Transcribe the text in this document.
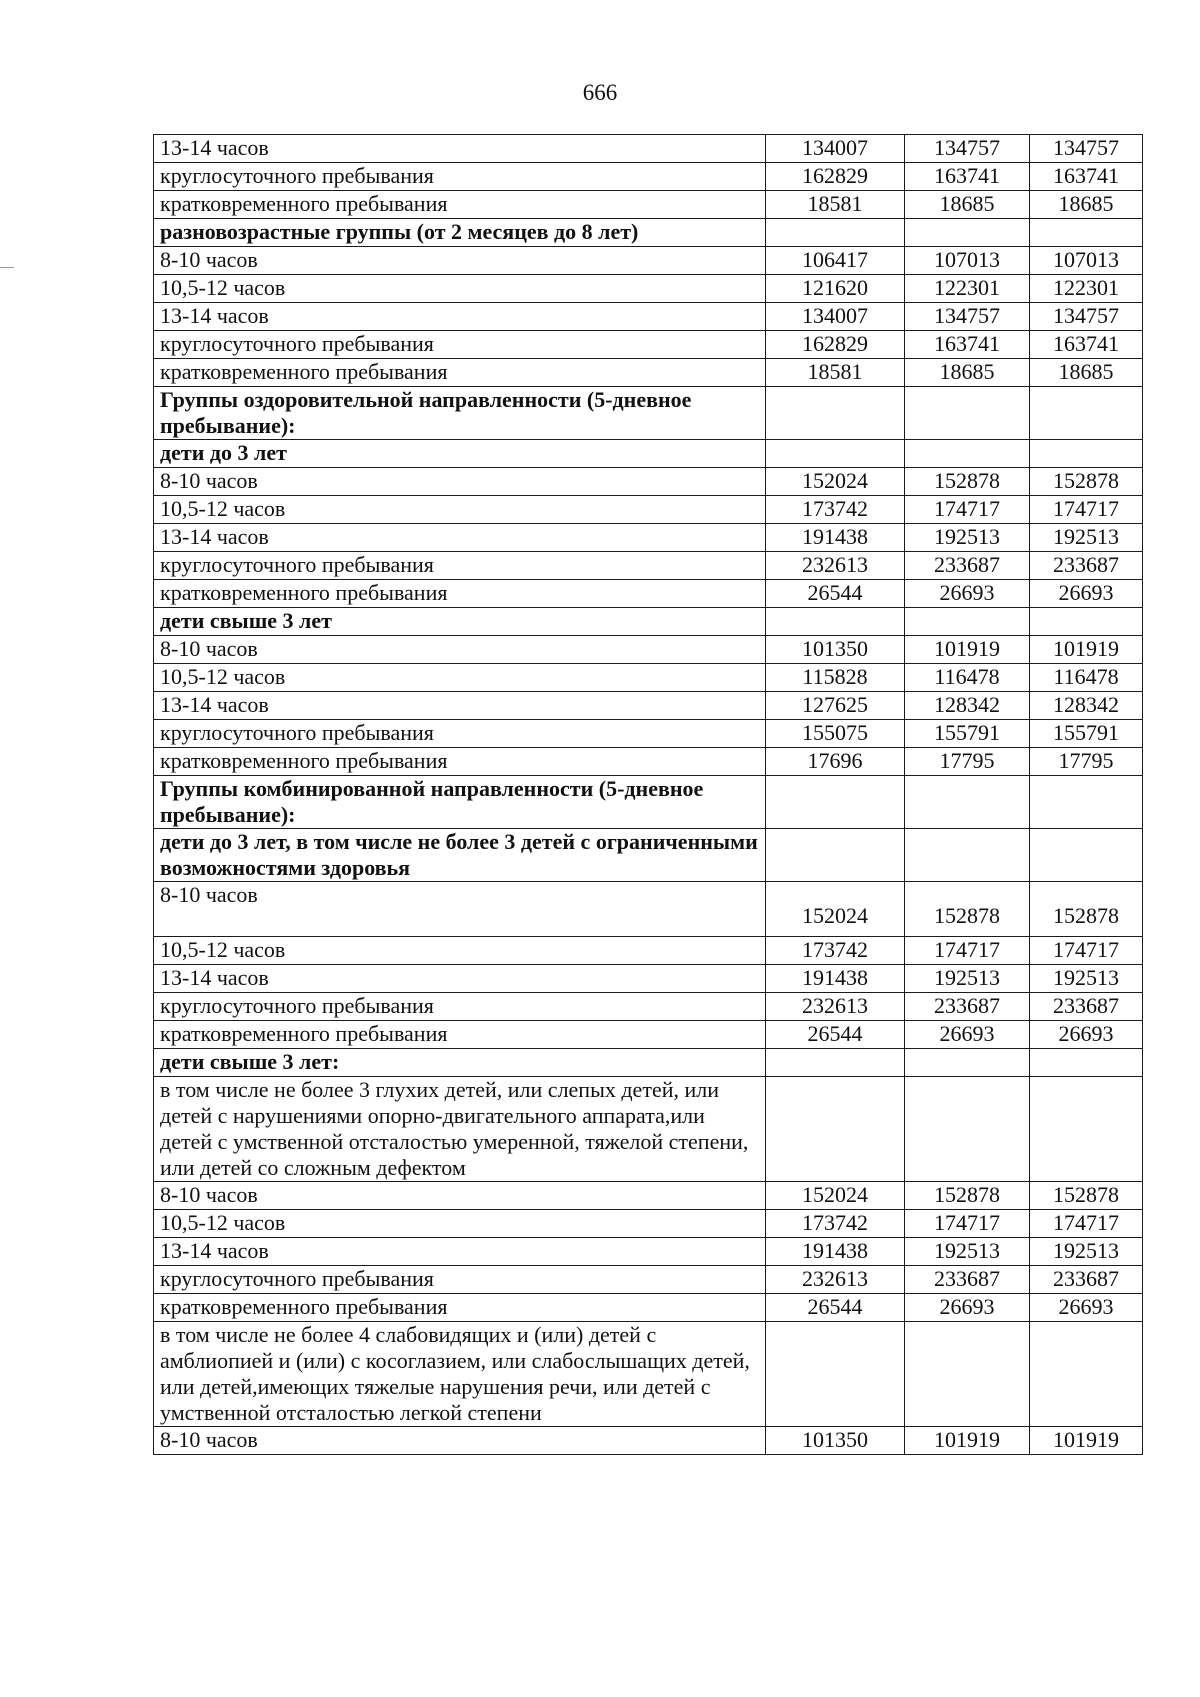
666
13-14 часов	134007	134757	134757
круглосуточного пребывания	162829	163741	163741
кратковременного пребывания	18581	18685	18685
разновозрастные группы (от 2 месяцев до 8 лет)			
8-10 часов	106417	107013	107013
10,5-12 часов	121620	122301	122301
13-14 часов	134007	134757	134757
круглосуточного пребывания	162829	163741	163741
кратковременного пребывания	18581	18685	18685
Группы оздоровительной направленности (5-дневное пребывание):			
дети до 3 лет			
8-10 часов	152024	152878	152878
10,5-12 часов	173742	174717	174717
13-14 часов	191438	192513	192513
круглосуточного пребывания	232613	233687	233687
кратковременного пребывания	26544	26693	26693
дети свыше 3 лет			
8-10 часов	101350	101919	101919
10,5-12 часов	115828	116478	116478
13-14 часов	127625	128342	128342
круглосуточного пребывания	155075	155791	155791
кратковременного пребывания	17696	17795	17795
Группы комбинированной направленности (5-дневное пребывание):			
дети до 3 лет, в том числе не более 3 детей с ограниченными возможностями здоровья			
8-10 часов	152024	152878	152878
10,5-12 часов	173742	174717	174717
13-14 часов	191438	192513	192513
круглосуточного пребывания	232613	233687	233687
кратковременного пребывания	26544	26693	26693
дети свыше 3 лет:			
в том числе не более 3 глухих детей, или слепых детей, или детей с нарушениями опорно-двигательного аппарата,или детей с умственной отсталостью умеренной, тяжелой степени, или детей со сложным дефектом			
8-10 часов	152024	152878	152878
10,5-12 часов	173742	174717	174717
13-14 часов	191438	192513	192513
круглосуточного пребывания	232613	233687	233687
кратковременного пребывания	26544	26693	26693
в том числе не более 4 слабовидящих и (или) детей с амблиопией и (или) с косоглазием, или слабослышащих детей, или детей,имеющих тяжелые нарушения речи, или детей с умственной отсталостью легкой степени			
8-10 часов	101350	101919	101919
